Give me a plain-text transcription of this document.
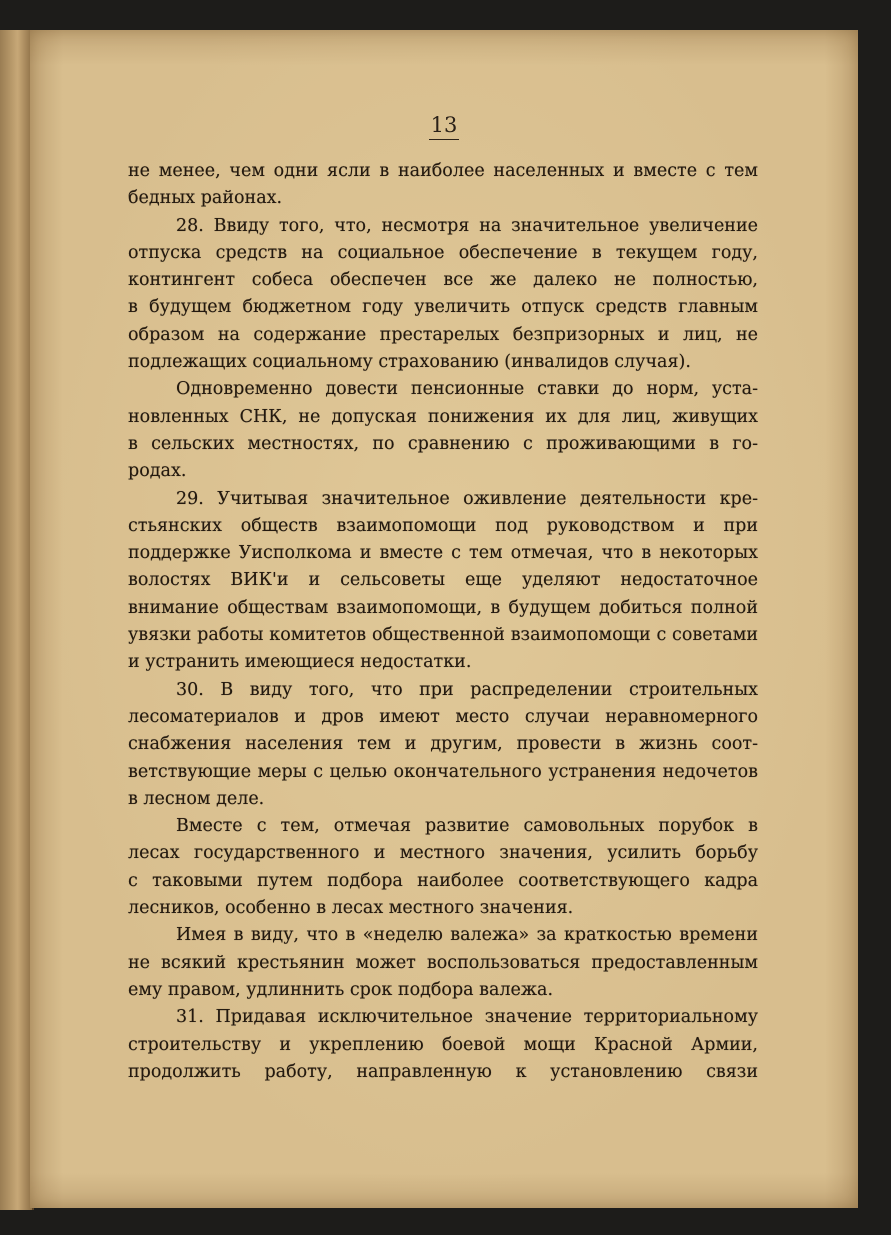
13

не менее, чем одни ясли в наиболее населенных и вместе с тем
бедных районах.

28. Ввиду того, что, несмотря на значительное увеличение
отпуска средств на социальное обеспечение в текущем году,
контингент собеса обеспечен все же далеко не полностью,
в будущем бюджетном году увеличить отпуск средств главным
образом на содержание престарелых безпризорных и лиц, не
подлежащих социальному страхованию (инвалидов случая).

Одновременно довести пенсионные ставки до норм, уста-
новленных СНК, не допуская понижения их для лиц, живущих
в сельских местностях, по сравнению с проживающими в го-
родах.

29. Учитывая значительное оживление деятельности кре-
стьянских обществ взаимопомощи под руководством и при
поддержке Уисполкома и вместе с тем отмечая, что в некоторых
волостях ВИК'и и сельсоветы еще уделяют недостаточное
внимание обществам взаимопомощи, в будущем добиться полной
увязки работы комитетов общественной взаимопомощи с советами
и устранить имеющиеся недостатки.

30. В виду того, что при распределении строительных
лесоматериалов и дров имеют место случаи неравномерного
снабжения населения тем и другим, провести в жизнь соот-
ветствующие меры с целью окончательного устранения недочетов
в лесном деле.

Вместе с тем, отмечая развитие самовольных порубок в
лесах государственного и местного значения, усилить борьбу
с таковыми путем подбора наиболее соответствующего кадра
лесников, особенно в лесах местного значения.

Имея в виду, что в «неделю валежа» за краткостью времени
не всякий крестьянин может воспользоваться предоставленным
ему правом, удлиннить срок подбора валежа.

31. Придавая исключительное значение территориальному
строительству и укреплению боевой мощи Красной Армии,
продолжить работу, направленную к установлению связи
